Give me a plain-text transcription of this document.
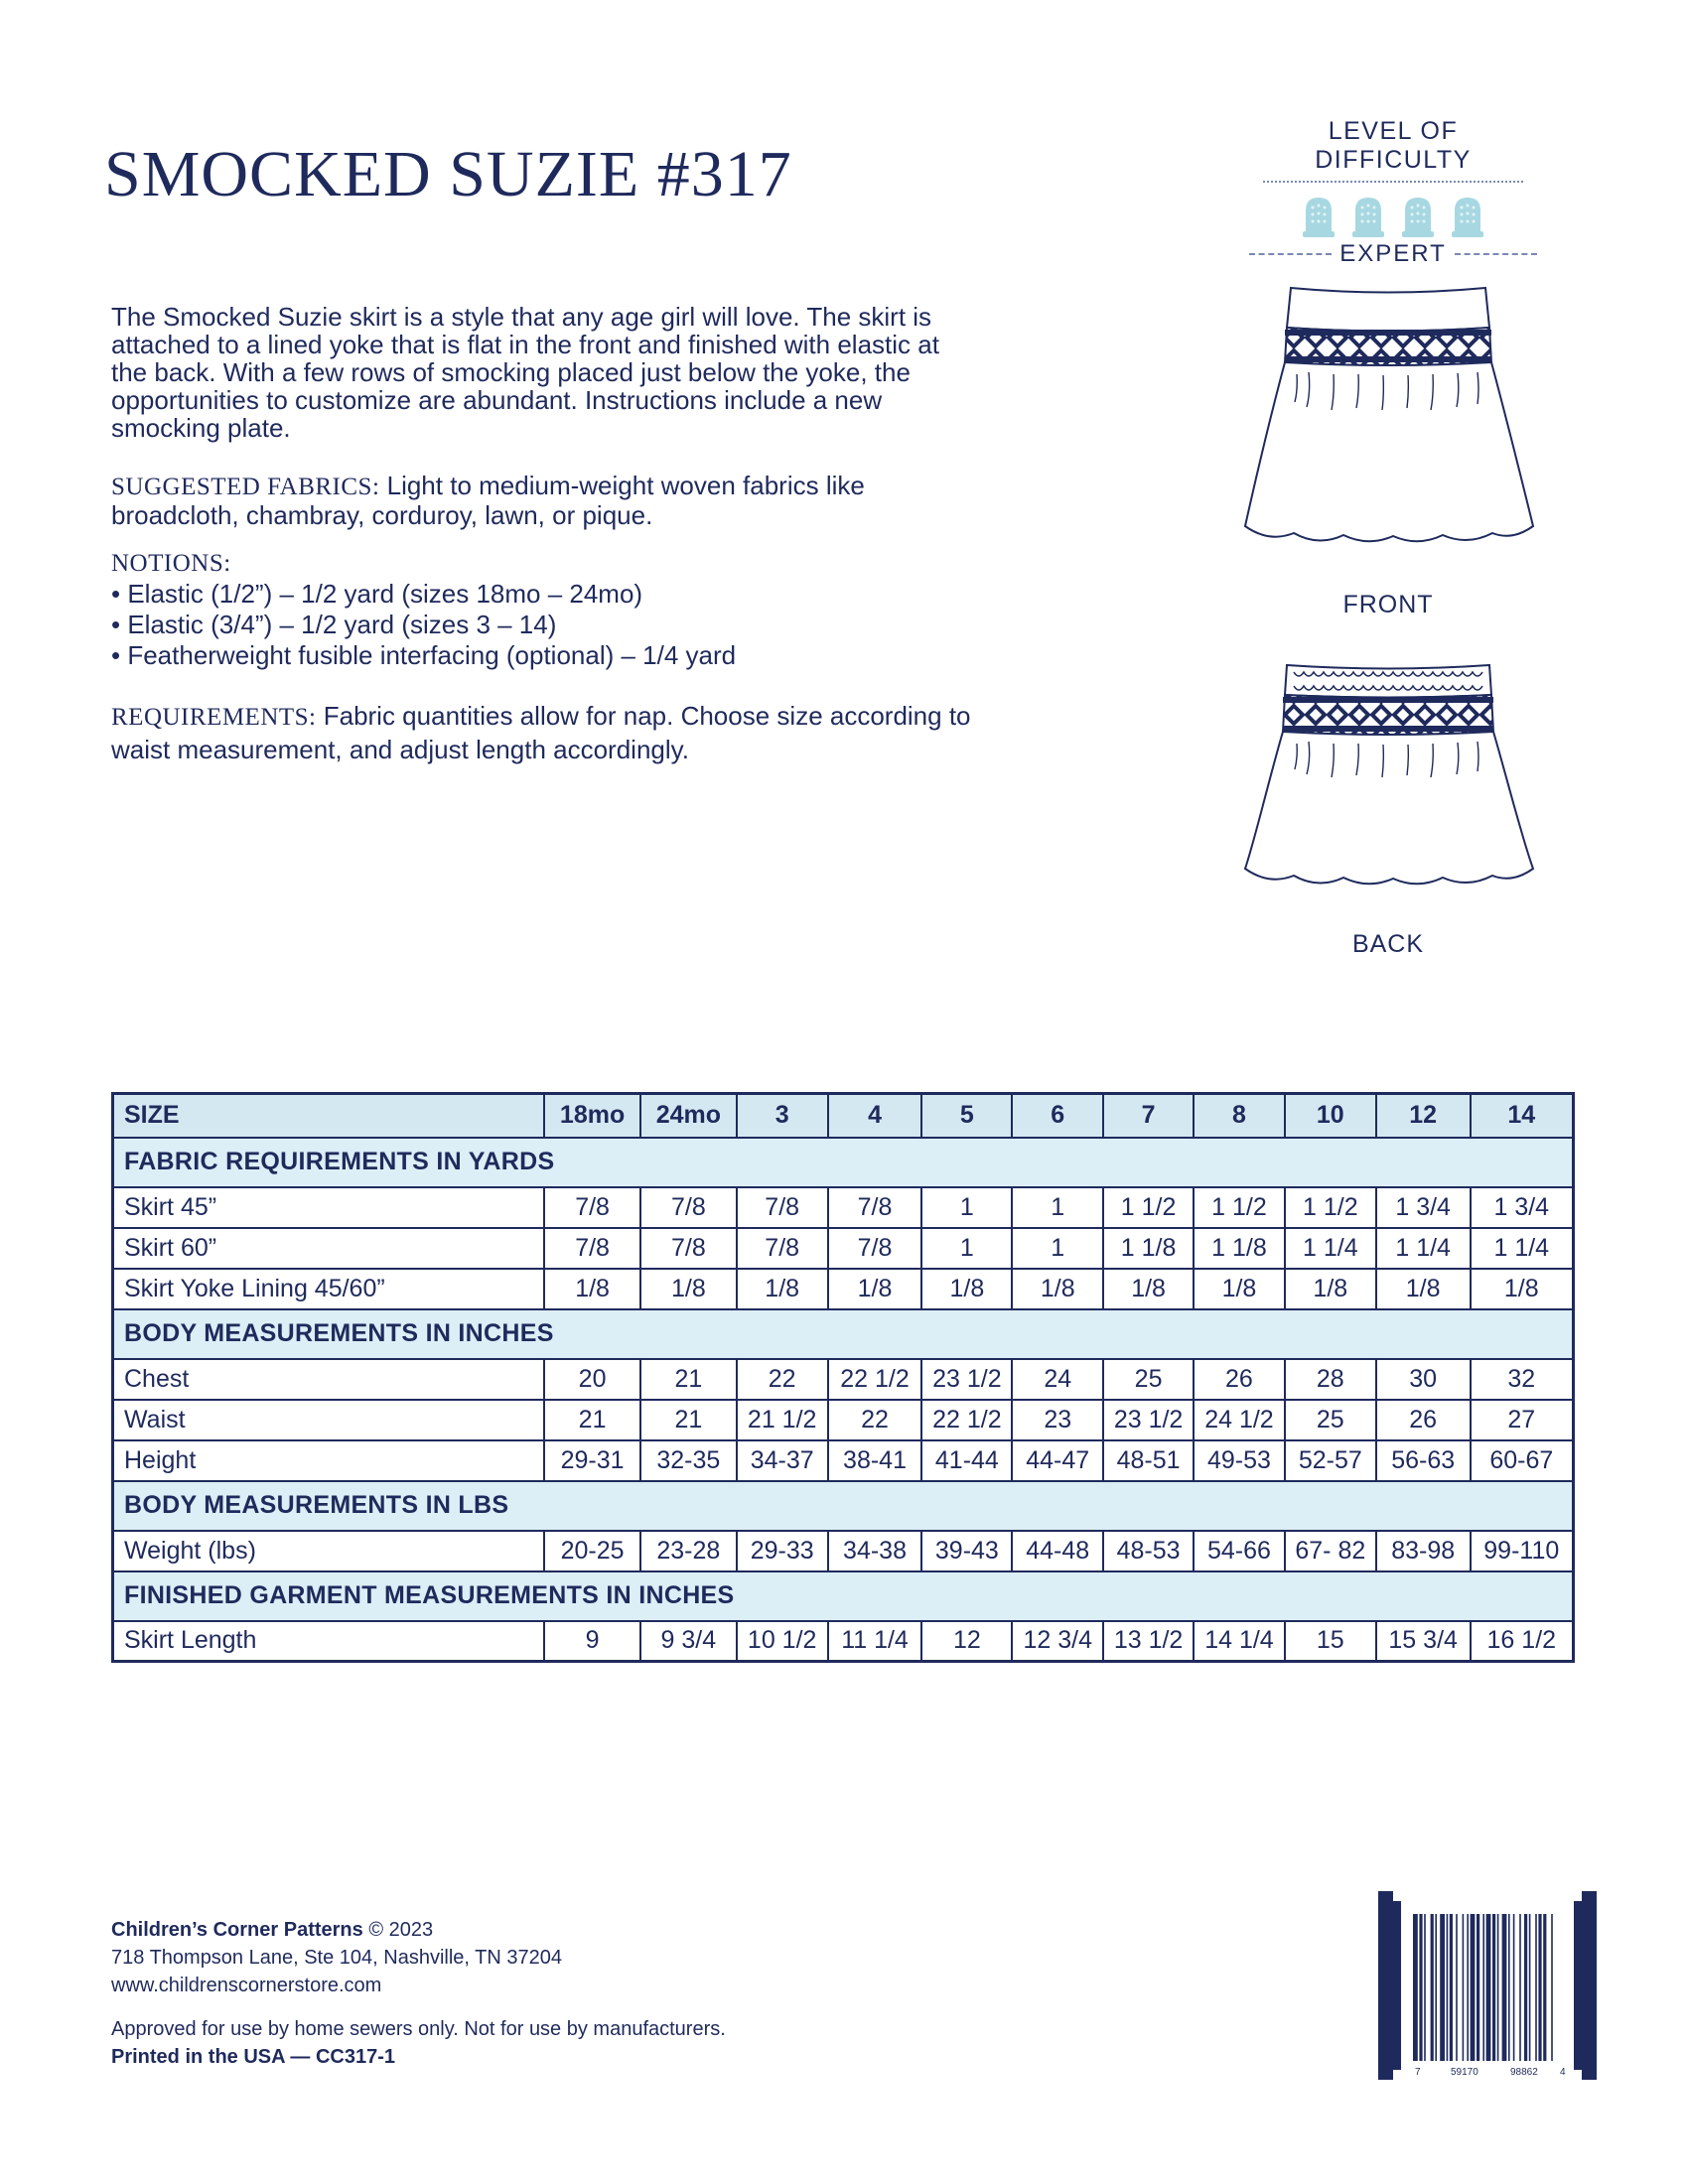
SMOCKED SUZIE #317
LEVEL OF DIFFICULTY
EXPERT

The Smocked Suzie skirt is a style that any age girl will love. The skirt is attached to a lined yoke that is flat in the front and finished with elastic at the back. With a few rows of smocking placed just below the yoke, the opportunities to customize are abundant. Instructions include a new smocking plate.

SUGGESTED FABRICS: Light to medium-weight woven fabrics like broadcloth, chambray, corduroy, lawn, or pique.
NOTIONS:
• Elastic (1/2”) – 1/2 yard (sizes 18mo – 24mo)
• Elastic (3/4”) – 1/2 yard (sizes 3 – 14)
• Featherweight fusible interfacing (optional) – 1/4 yard
REQUIREMENTS: Fabric quantities allow for nap. Choose size according to waist measurement, and adjust length accordingly.
FRONT
BACK
SIZE	18mo	24mo	3	4	5	6	7	8	10	12	14
FABRIC REQUIREMENTS IN YARDS											
Skirt 45”	7/8	7/8	7/8	7/8	1	1	1 1/2	1 1/2	1 1/2	1 3/4	1 3/4
Skirt 60”	7/8	7/8	7/8	7/8	1	1	1 1/8	1 1/8	1 1/4	1 1/4	1 1/4
Skirt Yoke Lining 45/60”	1/8	1/8	1/8	1/8	1/8	1/8	1/8	1/8	1/8	1/8	1/8
BODY MEASUREMENTS IN INCHES											
Chest	20	21	22	22 1/2	23 1/2	24	25	26	28	30	32
Waist	21	21	21 1/2	22	22 1/2	23	23 1/2	24 1/2	25	26	27
Height	29-31	32-35	34-37	38-41	41-44	44-47	48-51	49-53	52-57	56-63	60-67
BODY MEASUREMENTS IN LBS											
Weight (lbs)	20-25	23-28	29-33	34-38	39-43	44-48	48-53	54-66	67- 82	83-98	99-110
FINISHED GARMENT MEASUREMENTS IN INCHES											
Skirt Length	9	9 3/4	10 1/2	11 1/4	12	12 3/4	13 1/2	14 1/4	15	15 3/4	16 1/2
Children’s Corner Patterns © 2023
718 Thompson Lane, Ste 104, Nashville, TN 37204
www.childrenscornerstore.com
Approved for use by home sewers only. Not for use by manufacturers.
Printed in the USA — CC317-1
7	59170	98862 4
